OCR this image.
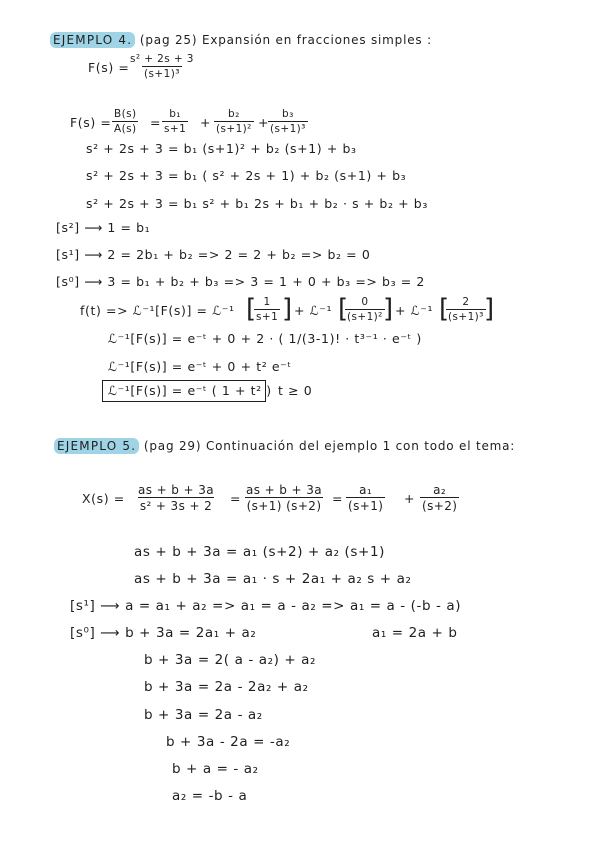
EJEMPLO 4. (pag 25) Expansión en fracciones simples :
F(s) =
$\frac{\text{s² + 2s + 3}}{\text{(s+1)³}}$
$F(s) = \frac{B(s)}{A(s)} = \frac{\text{b₁}}{s+1} + \frac{\text{b₂}}{\text{(s+1)²}}$ +
$\frac{\text{b₃}}{\text{(s+1)³}}$
s² + 2s + 3 = b₁ (s+1)² + b₂ (s+1) + b₃
s² + 2s + 3 = b₁ ( s² + 2s + 1) + b₂ (s+1) + b₃
s² + 2s + 3 = b₁ s² + b₁ 2s + b₁ + b₂ · s + b₂ + b₃
[s²] ⟶ 1 = b₁
[s¹] ⟶ 2 = 2b₁ + b₂ => 2 = 2 + b₂ => b₂ = 0
[s⁰] ⟶ 3 = b₁ + b₂ + b₃ => 3 = 1 + 0 + b₃ => b₃ = 2
f(t) => ℒ⁻¹[F(s)] = ℒ⁻¹ [
$\frac{1}{s+1}$ ] + ℒ⁻¹ [
$\frac{0}{\text{(s+1)²}}$
] + ℒ⁻¹ [
$\frac{2}{\text{(s+1)³}}$
]
ℒ⁻¹[F(s)] = e⁻ᵗ + 0 + 2 · ( 1/(3-1)! · t³⁻¹ · e⁻ᵗ )
ℒ⁻¹[F(s)] = e⁻ᵗ + 0 + t² e⁻ᵗ
ℒ⁻¹[F(s)] = e⁻ᵗ ( 1 + t² ) t ≥ 0
EJEMPLO 5. (pag 29) Continuación del ejemplo 1 con todo el tema:
$X(s) = \frac{as + b + 3a}{\text{s² + 3s + 2}} = \frac{as + b + 3a}{(s+1) (s+2)} = \frac{\text{a₁}}{(s+1)} + \frac{\text{a₂}}{(s+2)}$
as + b + 3a = a₁ (s+2) + a₂ (s+1)
as + b + 3a = a₁ · s + 2a₁ + a₂ s + a₂
[s¹] ⟶ a = a₁ + a₂ => a₁ = a - a₂ => a₁ = a - (-b - a)
[s⁰] ⟶ b + 3a = 2a₁ + a₂	a₁ = 2a + b
b + 3a = 2( a - a₂) + a₂
b + 3a = 2a - 2a₂ + a₂
b + 3a = 2a - a₂
b + 3a - 2a = -a₂
b + a = - a₂
a₂ = -b - a
